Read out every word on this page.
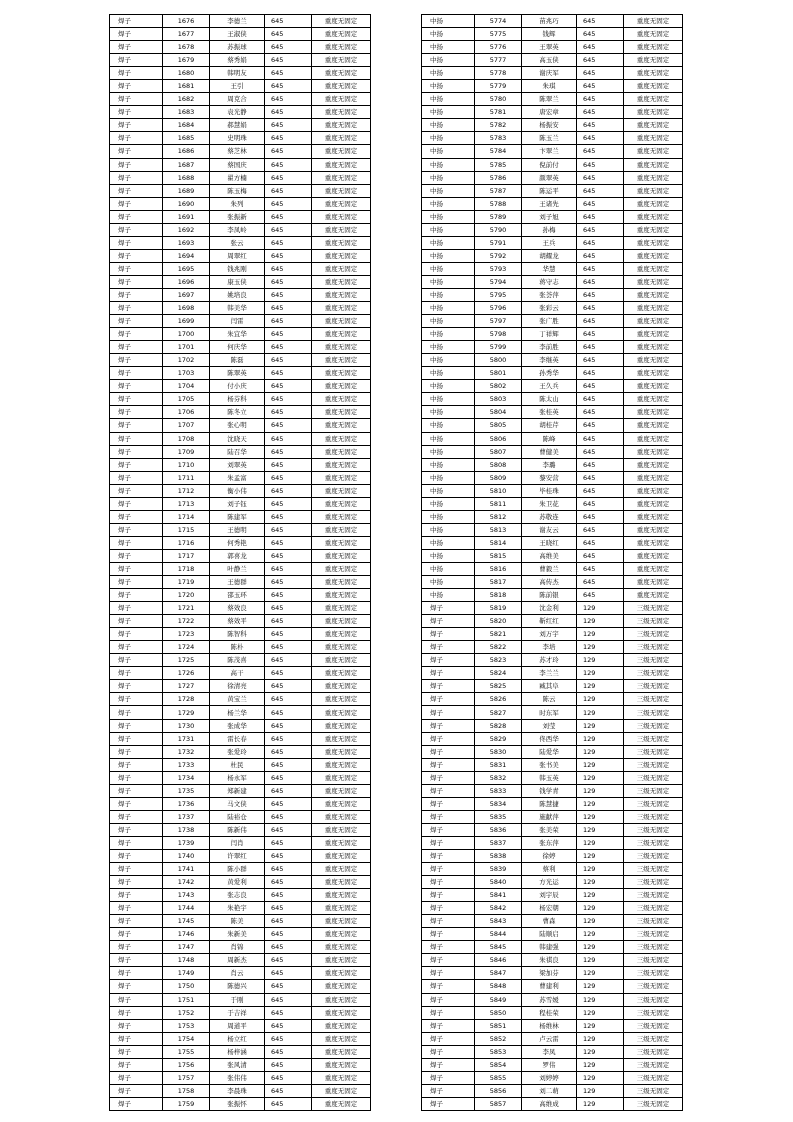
焊子	1676	李德兰	645	重度无固定
焊子	1677	王淑侠	645	重度无固定
焊子	1678	苏振球	645	重度无固定
焊子	1679	蔡秀娟	645	重度无固定
焊子	1680	韩明友	645	重度无固定
焊子	1681	王引	645	重度无固定
焊子	1682	周克合	645	重度无固定
焊子	1683	袁光静	645	重度无固定
焊子	1684	郝慧娟	645	重度无固定
焊子	1685	史明珠	645	重度无固定
焊子	1686	蔡芝林	645	重度无固定
焊子	1687	蔡国庆	645	重度无固定
焊子	1688	翟方楠	645	重度无固定
焊子	1689	陈玉梅	645	重度无固定
焊子	1690	朱列	645	重度无固定
焊子	1691	张振新	645	重度无固定
焊子	1692	李凤岭	645	重度无固定
焊子	1693	张云	645	重度无固定
焊子	1694	周翠红	645	重度无固定
焊子	1695	钱兆刚	645	重度无固定
焊子	1696	康玉侠	645	重度无固定
焊子	1697	姚培良	645	重度无固定
焊子	1698	韩美华	645	重度无固定
焊子	1699	闫雷	645	重度无固定
焊子	1700	朱宜华	645	重度无固定
焊子	1701	何庆华	645	重度无固定
焊子	1702	陈磊	645	重度无固定
焊子	1703	陈翠英	645	重度无固定
焊子	1704	付小庆	645	重度无固定
焊子	1705	杨芬科	645	重度无固定
焊子	1706	陈冬立	645	重度无固定
焊子	1707	张心明	645	重度无固定
焊子	1708	沈晓天	645	重度无固定
焊子	1709	陆召华	645	重度无固定
焊子	1710	刘翠英	645	重度无固定
焊子	1711	朱孟富	645	重度无固定
焊子	1712	衡小伟	645	重度无固定
焊子	1713	刘子钰	645	重度无固定
焊子	1714	陈建军	645	重度无固定
焊子	1715	王德明	645	重度无固定
焊子	1716	何秀艳	645	重度无固定
焊子	1717	郭喜龙	645	重度无固定
焊子	1718	叶静兰	645	重度无固定
焊子	1719	王德群	645	重度无固定
焊子	1720	邵玉环	645	重度无固定
焊子	1721	蔡效良	645	重度无固定
焊子	1722	蔡效平	645	重度无固定
焊子	1723	陈智科	645	重度无固定
焊子	1724	陈朴	645	重度无固定
焊子	1725	陈茂喜	645	重度无固定
焊子	1726	高干	645	重度无固定
焊子	1727	徐清亮	645	重度无固定
焊子	1728	黄宝兰	645	重度无固定
焊子	1729	杨兰华	645	重度无固定
焊子	1730	张成华	645	重度无固定
焊子	1731	雷长春	645	重度无固定
焊子	1732	张爱玲	645	重度无固定
焊子	1733	杜民	645	重度无固定
焊子	1734	杨永军	645	重度无固定
焊子	1735	郑新建	645	重度无固定
焊子	1736	马文侠	645	重度无固定
焊子	1737	陆裕仓	645	重度无固定
焊子	1738	陈新伟	645	重度无固定
焊子	1739	闫肖	645	重度无固定
焊子	1740	许翠红	645	重度无固定
焊子	1741	陈小群	645	重度无固定
焊子	1742	黄爱利	645	重度无固定
焊子	1743	张志良	645	重度无固定
焊子	1744	朱艳宇	645	重度无固定
焊子	1745	陈美	645	重度无固定
焊子	1746	朱新美	645	重度无固定
焊子	1747	肖锦	645	重度无固定
焊子	1748	周新杰	645	重度无固定
焊子	1749	肖云	645	重度无固定
焊子	1750	陈德兴	645	重度无固定
焊子	1751	于刚	645	重度无固定
焊子	1752	于吉祥	645	重度无固定
焊子	1753	周道平	645	重度无固定
焊子	1754	杨立红	645	重度无固定
焊子	1755	杨梓涵	645	重度无固定
焊子	1756	张风清	645	重度无固定
焊子	1757	张伟伟	645	重度无固定
焊子	1758	李晨珠	645	重度无固定
焊子	1759	张振怀	645	重度无固定
中扬	5774	苗兆巧	645	重度无固定
中扬	5775	钱辉	645	重度无固定
中扬	5776	王翠英	645	重度无固定
中扬	5777	高玉侠	645	重度无固定
中扬	5778	谢庆军	645	重度无固定
中扬	5779	朱琪	645	重度无固定
中扬	5780	陈翠兰	645	重度无固定
中扬	5781	唐宏章	645	重度无固定
中扬	5782	杨振安	645	重度无固定
中扬	5783	陈玉兰	645	重度无固定
中扬	5784	卞翠兰	645	重度无固定
中扬	5785	倪前付	645	重度无固定
中扬	5786	颜翠英	645	重度无固定
中扬	5787	陈运平	645	重度无固定
中扬	5788	王诸先	645	重度无固定
中扬	5789	刘子旭	645	重度无固定
中扬	5790	孙梅	645	重度无固定
中扬	5791	王兵	645	重度无固定
中扬	5792	胡耀龙	645	重度无固定
中扬	5793	华慧	645	重度无固定
中扬	5794	蒋守志	645	重度无固定
中扬	5795	张荟萍	645	重度无固定
中扬	5796	张彩云	645	重度无固定
中扬	5797	张广胜	645	重度无固定
中扬	5798	丁祥辉	645	重度无固定
中扬	5799	李前胜	645	重度无固定
中扬	5800	李继英	645	重度无固定
中扬	5801	孙秀华	645	重度无固定
中扬	5802	王久兵	645	重度无固定
中扬	5803	陈太山	645	重度无固定
中扬	5804	张桂英	645	重度无固定
中扬	5805	胡桂芹	645	重度无固定
中扬	5806	陈峰	645	重度无固定
中扬	5807	曹健美	645	重度无固定
中扬	5808	李璐	645	重度无固定
中扬	5809	黎安营	645	重度无固定
中扬	5810	毕桂珠	645	重度无固定
中扬	5811	朱卫花	645	重度无固定
中扬	5812	苏敬连	645	重度无固定
中扬	5813	谢友云	645	重度无固定
中扬	5814	王晓红	645	重度无固定
中扬	5815	高维美	645	重度无固定
中扬	5816	曹毅兰	645	重度无固定
中扬	5817	高传杰	645	重度无固定
中扬	5818	陈前银	645	重度无固定
焊子	5819	沈金利	129	三级无固定
焊子	5820	靳红红	129	三级无固定
焊子	5821	刘万宇	129	三级无固定
焊子	5822	李培	129	三级无固定
焊子	5823	苏才玲	129	三级无固定
焊子	5824	李兰兰	129	三级无固定
焊子	5825	臧其阜	129	三级无固定
焊子	5826	陈云	129	三级无固定
焊子	5827	时东军	129	三级无固定
焊子	5828	刘莹	129	三级无固定
焊子	5829	佟西华	129	三级无固定
焊子	5830	陆爱华	129	三级无固定
焊子	5831	张书美	129	三级无固定
焊子	5832	韩玉英	129	三级无固定
焊子	5833	钱学青	129	三级无固定
焊子	5834	陈慧捷	129	三级无固定
焊子	5835	施献萍	129	三级无固定
焊子	5836	张美荣	129	三级无固定
焊子	5837	张东萍	129	三级无固定
焊子	5838	徐婷	129	三级无固定
焊子	5839	蔡利	129	三级无固定
焊子	5840	方光运	129	三级无固定
焊子	5841	刘宇辰	129	三级无固定
焊子	5842	杨宏朝	129	三级无固定
焊子	5843	曹森	129	三级无固定
焊子	5844	陆顺启	129	三级无固定
焊子	5845	韩建强	129	三级无固定
焊子	5846	朱祺良	129	三级无固定
焊子	5847	梁加芬	129	三级无固定
焊子	5848	曹建利	129	三级无固定
焊子	5849	苏雪媛	129	三级无固定
焊子	5850	程桂荣	129	三级无固定
焊子	5851	杨维林	129	三级无固定
焊子	5852	卢云雷	129	三级无固定
焊子	5853	李凤	129	三级无固定
焊子	5854	罗伟	129	三级无固定
焊子	5855	刘婷婷	129	三级无固定
焊子	5856	刘二萌	129	三级无固定
焊子	5857	高维成	129	三级无固定
